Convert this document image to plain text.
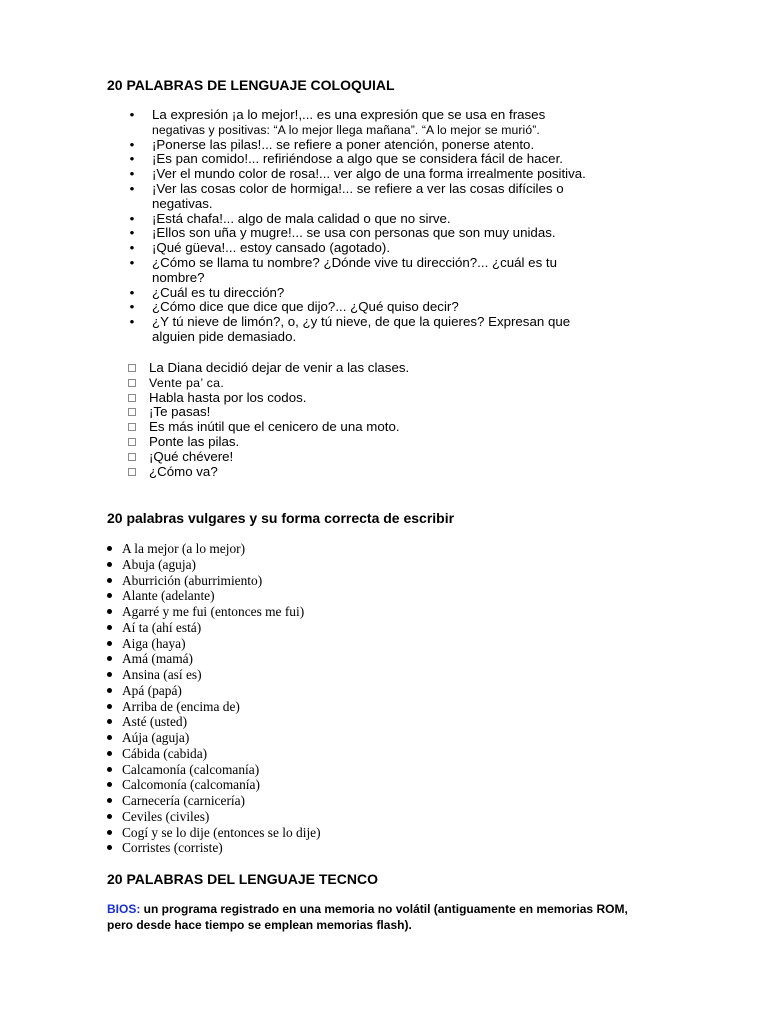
20 PALABRAS DE LENGUAJE COLOQUIAL
• La expresión ¡a lo mejor!,... es una expresión que se usa en frases
negativas y positivas: “A lo mejor llega mañana”. “A lo mejor se murió”.
• ¡Ponerse las pilas!... se refiere a poner atención, ponerse atento.
• ¡Es pan comido!... refiriéndose a algo que se considera fácil de hacer.
• ¡Ver el mundo color de rosa!... ver algo de una forma irrealmente positiva.
• ¡Ver las cosas color de hormiga!... se refiere a ver las cosas difíciles o
negativas.
• ¡Está chafa!... algo de mala calidad o que no sirve.
• ¡Ellos son uña y mugre!... se usa con personas que son muy unidas.
• ¡Qué güeva!... estoy cansado (agotado).
• ¿Cómo se llama tu nombre? ¿Dónde vive tu dirección?... ¿cuál es tu
nombre?
• ¿Cuál es tu dirección?
• ¿Cómo dice que dice que dijo?... ¿Qué quiso decir?
• ¿Y tú nieve de limón?, o, ¿y tú nieve, de que la quieres? Expresan que
alguien pide demasiado.
La Diana decidió dejar de venir a las clases.
Vente pa’ ca.
Habla hasta por los codos.
¡Te pasas!
Es más inútil que el cenicero de una moto.
Ponte las pilas.
¡Qué chévere!
¿Cómo va?
20 palabras vulgares y su forma correcta de escribir
A la mejor (a lo mejor)
Abuja (aguja)
Aburrición (aburrimiento)
Alante (adelante)
Agarré y me fui (entonces me fui)
Aí ta (ahí está)
Aiga (haya)
Amá (mamá)
Ansina (así es)
Apá (papá)
Arriba de (encima de)
Asté (usted)
Aúja (aguja)
Cábida (cabida)
Calcamonía (calcomanía)
Calcomonía (calcomanía)
Carnecería (carnicería)
Ceviles (civiles)
Cogí y se lo dije (entonces se lo dije)
Corristes (corriste)
20 PALABRAS DEL LENGUAJE TECNCO

BIOS: un programa registrado en una memoria no volátil (antiguamente en memorias ROM,
pero desde hace tiempo se emplean memorias flash).
